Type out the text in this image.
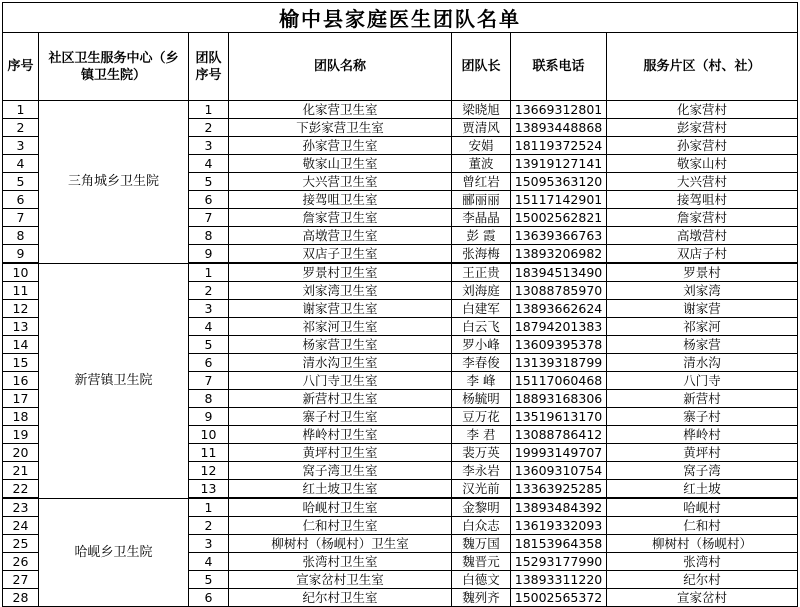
榆中县家庭医生团队名单						
序号	社区卫生服务中心（乡镇卫生院）	团队序号	团队名称	团队长	联系电话	服务片区（村、社）
1	三角城乡卫生院	1	化家营卫生室	梁晓旭	13669312801	化家营村
2		2	下彭家营卫生室	贾清风	13893448868	彭家营村
3		3	孙家营卫生室	安娟	18119372524	孙家营村
4		4	敬家山卫生室	董波	13919127141	敬家山村
5		5	大兴营卫生室	曾红岩	15095363120	大兴营村
6		6	接驾咀卫生室	郦丽丽	15117142901	接驾咀村
7		7	詹家营卫生室	李晶晶	15002562821	詹家营村
8		8	高墩营卫生室	彭 霞	13639366763	高墩营村
9		9	双店子卫生室	张海梅	13893206982	双店子村
10	新营镇卫生院	1	罗景村卫生室	王正贵	18394513490	罗景村
11		2	刘家湾卫生室	刘海庭	13088785970	刘家湾
12		3	谢家营卫生室	白建军	13893662624	谢家营
13		4	祁家河卫生室	白云飞	18794201383	祁家河
14		5	杨家营卫生室	罗小峰	13609395378	杨家营
15		6	清水沟卫生室	李春俊	13139318799	清水沟
16		7	八门寺卫生室	李 峰	15117060468	八门寺
17		8	新营村卫生室	杨毓明	18893168306	新营村
18		9	寨子村卫生室	豆万花	13519613170	寨子村
19		10	桦岭村卫生室	李 君	13088786412	桦岭村
20		11	黄坪村卫生室	裴万英	19993149707	黄坪村
21		12	窝子湾卫生室	李永岩	13609310754	窝子湾
22		13	红土坡卫生室	汉光前	13363925285	红土坡
23	哈岘乡卫生院	1	哈岘村卫生室	金黎明	13893484392	哈岘村
24		2	仁和村卫生室	白众志	13619332093	仁和村
25		3	柳树村（杨岘村）卫生室	魏万国	18153964358	柳树村（杨岘村）
26		4	张湾村卫生室	魏晋元	15293177990	张湾村
27		5	宣家岔村卫生室	白德文	13893311220	纪尔村
28		6	纪尔村卫生室	魏列齐	15002565372	宣家岔村
